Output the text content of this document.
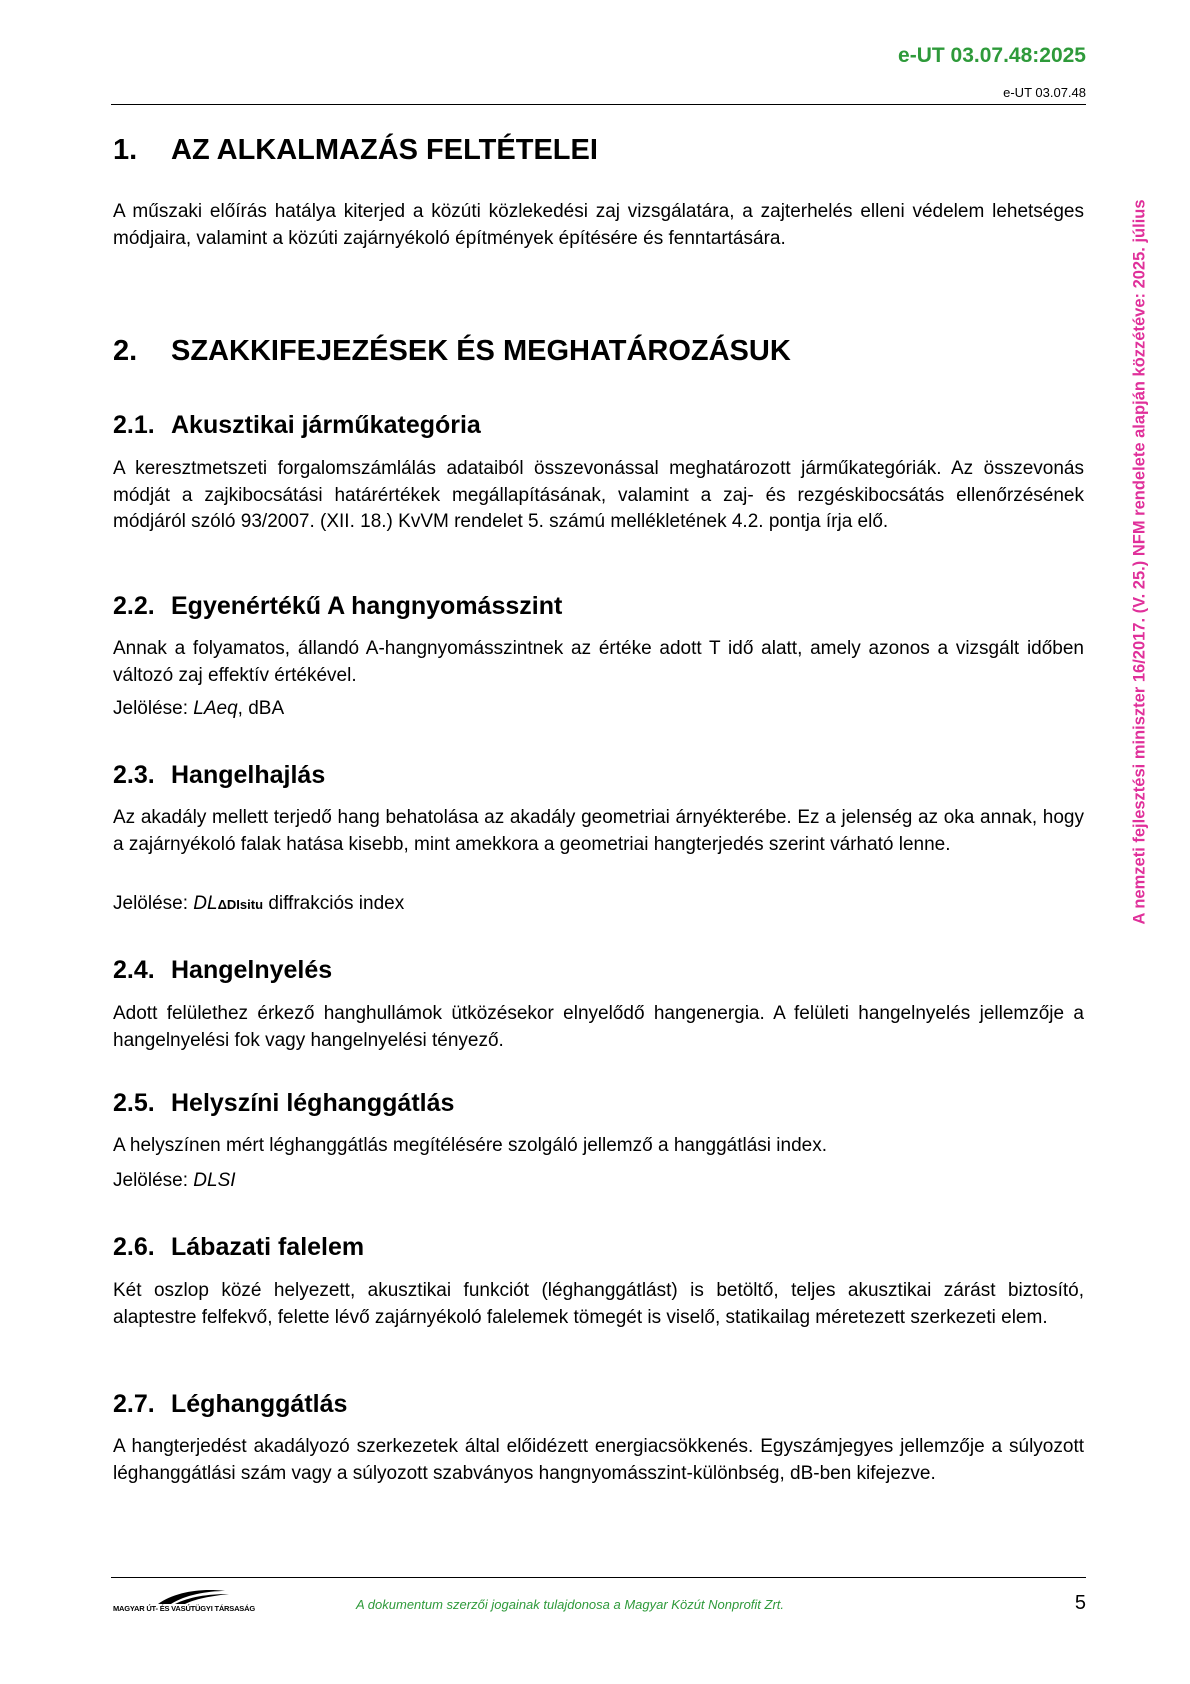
e-UT 03.07.48:2025
e-UT 03.07.48
A nemzeti fejlesztési miniszter 16/2017. (V. 25.) NFM rendelete alapján közzétéve: 2025. július
1. AZ ALKALMAZÁS FELTÉTELEI

A műszaki előírás hatálya kiterjed a közúti közlekedési zaj vizsgálatára, a zajterhelés elleni védelem lehetséges módjaira, valamint a közúti zajárnyékoló építmények építésére és fenntartására.

2. SZAKKIFEJEZÉSEK ÉS MEGHATÁROZÁSUK
2.1. Akusztikai járműkategória

A keresztmetszeti forgalomszámlálás adataiból összevonással meghatározott járműkategóriák. Az összevonás módját a zajkibocsátási határértékek megállapításának, valamint a zaj- és rezgéskibocsátás ellenőrzésének módjáról szóló 93/2007. (XII. 18.) KvVM rendelet 5. számú mellékletének 4.2. pontja írja elő.

2.2. Egyenértékű A hangnyomásszint

Annak a folyamatos, állandó A-hangnyomásszintnek az értéke adott T idő alatt, amely azonos a vizsgált időben változó zaj effektív értékével.

Jelölése: LAeq, dBA

2.3. Hangelhajlás

Az akadály mellett terjedő hang behatolása az akadály geometriai árnyékterébe. Ez a jelenség az oka annak, hogy a zajárnyékoló falak hatása kisebb, mint amekkora a geometriai hangterjedés szerint várható lenne.

Jelölése: DLΔDIsitu diffrakciós index

2.4. Hangelnyelés

Adott felülethez érkező hanghullámok ütközésekor elnyelődő hangenergia. A felületi hangelnyelés jellemzője a hangelnyelési fok vagy hangelnyelési tényező.

2.5. Helyszíni léghanggátlás

A helyszínen mért léghanggátlás megítélésére szolgáló jellemző a hanggátlási index.

Jelölése: DLSI

2.6. Lábazati falelem

Két oszlop közé helyezett, akusztikai funkciót (léghanggátlást) is betöltő, teljes akusztikai zárást biztosító, alaptestre felfekvő, felette lévő zajárnyékoló falelemek tömegét is viselő, statikailag méretezett szerkezeti elem.

2.7. Léghanggátlás

A hangterjedést akadályozó szerkezetek által előidézett energiacsökkenés. Egyszámjegyes jellemzője a súlyozott léghanggátlási szám vagy a súlyozott szabványos hangnyomásszint-különbség, dB-ben kifejezve.

MAGYAR ÚT- ÉS VASÚTÜGYI TÁRSASÁG	A dokumentum szerzői jogainak tulajdonosa a Magyar Közút Nonprofit Zrt.	5
